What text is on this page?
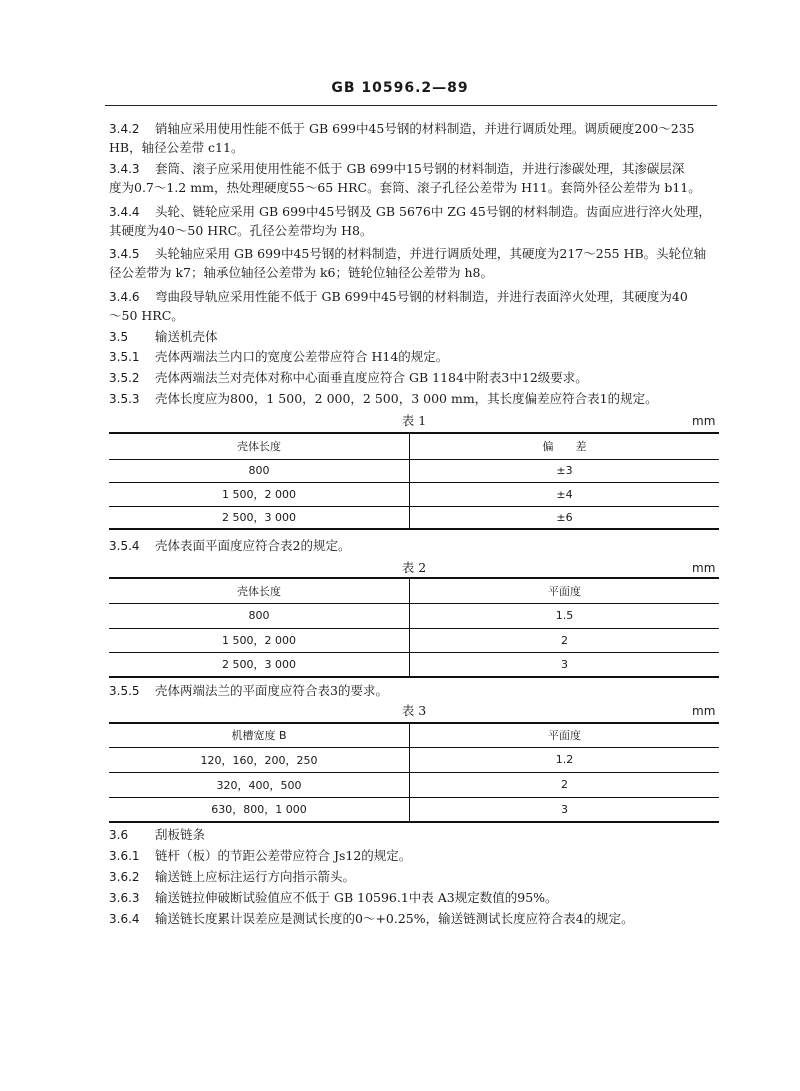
GB 10596.2—89
3.4.2 销轴应采用使用性能不低于 GB 699中45号钢的材料制造，并进行调质处理。调质硬度200～235
HB，轴径公差带 c11。
3.4.3 套筒、滚子应采用使用性能不低于 GB 699中15号钢的材料制造，并进行渗碳处理，其渗碳层深
度为0.7～1.2 mm，热处理硬度55～65 HRC。套筒、滚子孔径公差带为 H11。套筒外径公差带为 b11。
3.4.4 头轮、链轮应采用 GB 699中45号钢及 GB 5676中 ZG 45号钢的材料制造。齿面应进行淬火处理，
其硬度为40～50 HRC。孔径公差带均为 H8。
3.4.5 头轮轴应采用 GB 699中45号钢的材料制造，并进行调质处理，其硬度为217～255 HB。头轮位轴
径公差带为 k7；轴承位轴径公差带为 k6；链轮位轴径公差带为 h8。
3.4.6 弯曲段导轨应采用性能不低于 GB 699中45号钢的材料制造，并进行表面淬火处理，其硬度为40
～50 HRC。
3.5 输送机壳体
3.5.1 壳体两端法兰内口的宽度公差带应符合 H14的规定。
3.5.2 壳体两端法兰对壳体对称中心面垂直度应符合 GB 1184中附表3中12级要求。
3.5.3 壳体长度应为800，1 500，2 000，2 500，3 000 mm，其长度偏差应符合表1的规定。
表 1	mm
壳体长度	偏　　差
800	±3
1 500，2 000	±4
2 500，3 000	±6
3.5.4 壳体表面平面度应符合表2的规定。
表 2	mm
壳体长度	平面度
800	1.5
1 500，2 000	2
2 500，3 000	3
3.5.5 壳体两端法兰的平面度应符合表3的要求。
表 3	mm
机槽宽度 B	平面度
120，160，200，250	1.2
320，400，500	2
630，800，1 000	3
3.6 刮板链条
3.6.1 链杆（板）的节距公差带应符合 Js12的规定。
3.6.2 输送链上应标注运行方向指示箭头。
3.6.3 输送链拉伸破断试验值应不低于 GB 10596.1中表 A3规定数值的95%。
3.6.4 输送链长度累计误差应是测试长度的0～+0.25%，输送链测试长度应符合表4的规定。
